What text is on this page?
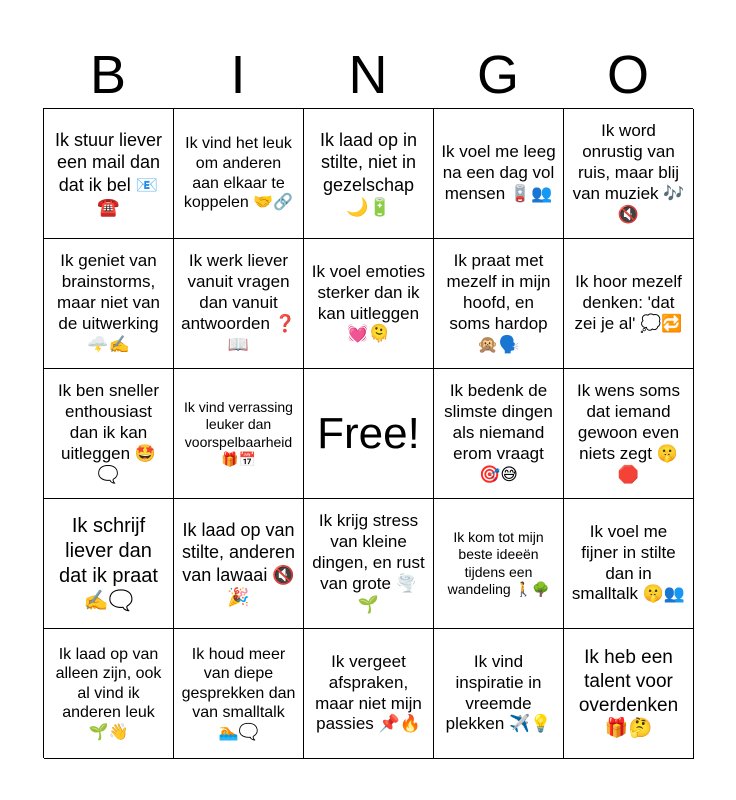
B	I	N	G	O
Ik stuur liever een mail dan dat ik bel 📧☎️
Ik vind het leuk om anderen aan elkaar te koppelen 🤝🔗
Ik laad op in stilte, niet in gezelschap 🌙🔋
Ik voel me leeg na een dag vol mensen 🪫👥
Ik word onrustig van ruis, maar blij van muziek 🎶🔇
Ik geniet van brainstorms, maar niet van de uitwerking 🌩️✍️
Ik werk liever vanuit vragen dan vanuit antwoorden ❓📖
Ik voel emoties sterker dan ik kan uitleggen 💓🫠
Ik praat met mezelf in mijn hoofd, en soms hardop 🙊🗣️
Ik hoor mezelf denken: 'dat zei je al' 💭🔁
Ik ben sneller enthousiast dan ik kan uitleggen 🤩🗨️
Ik vind verrassing leuker dan voorspelbaarheid 🎁📅
Free!
Ik bedenk de slimste dingen als niemand erom vraagt 🎯😅
Ik wens soms dat iemand gewoon even niets zegt 🤫🛑
Ik schrijf liever dan dat ik praat ✍️🗨️
Ik laad op van stilte, anderen van lawaai 🔇🎉
Ik krijg stress van kleine dingen, en rust van grote 🌪️🌱
Ik kom tot mijn beste ideeën tijdens een wandeling 🚶🌳
Ik voel me fijner in stilte dan in smalltalk 🤫👥
Ik laad op van alleen zijn, ook al vind ik anderen leuk 🌱👋
Ik houd meer van diepe gesprekken dan van smalltalk 🏊🗨️
Ik vergeet afspraken, maar niet mijn passies 📌🔥
Ik vind inspiratie in vreemde plekken ✈️💡
Ik heb een talent voor overdenken 🎁🤔
